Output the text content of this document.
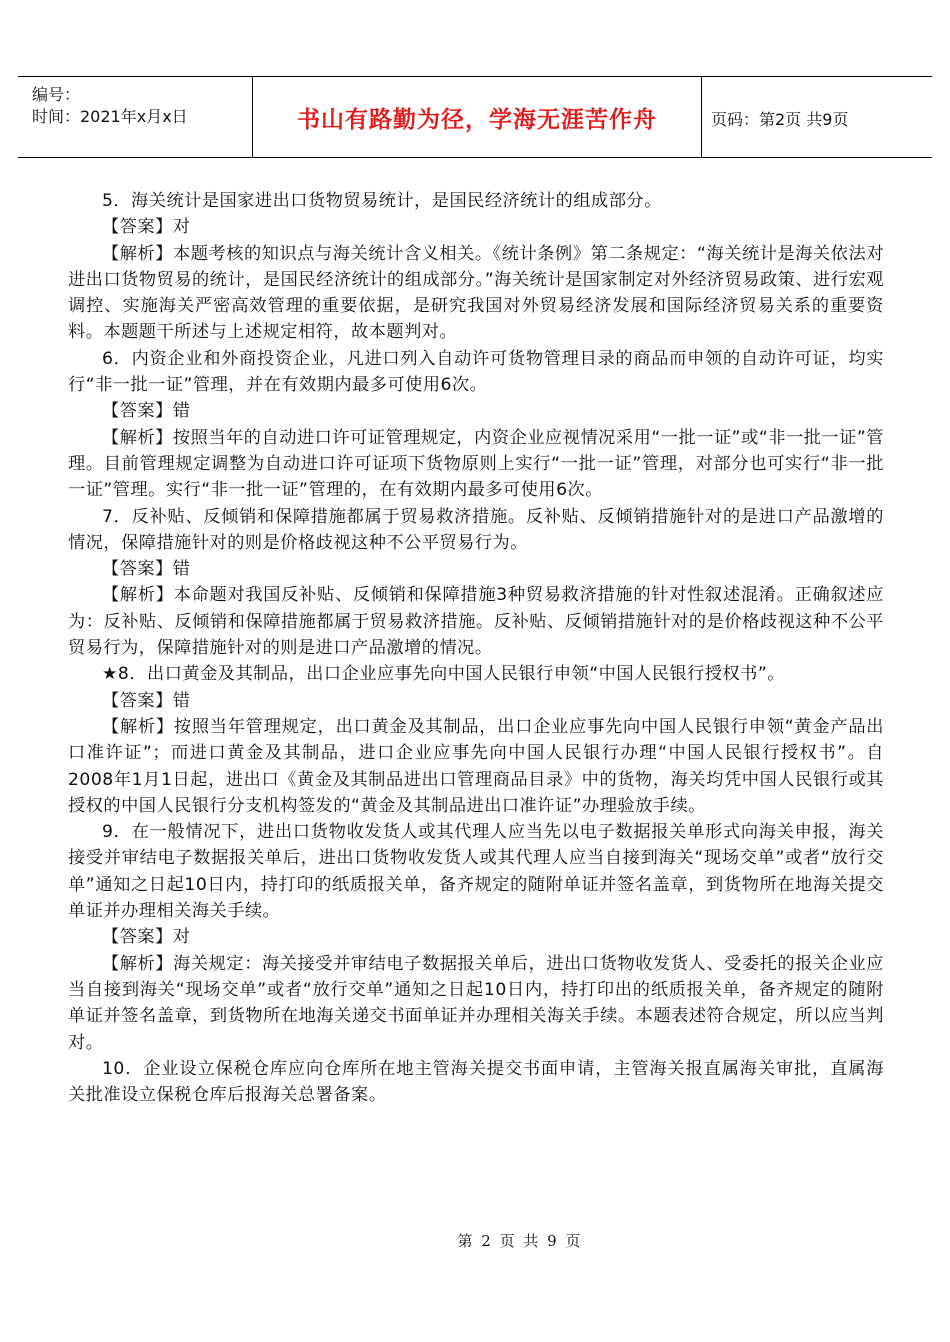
编号：
时间：2021年x月x日	书山有路勤为径，学海无涯苦作舟	页码：第2页 共9页

5．海关统计是国家进出口货物贸易统计，是国民经济统计的组成部分。

【答案】对

【解析】本题考核的知识点与海关统计含义相关。《统计条例》第二条规定：“海关统计是海关依法对进出口货物贸易的统计，是国民经济统计的组成部分。”海关统计是国家制定对外经济贸易政策、进行宏观调控、实施海关严密高效管理的重要依据，是研究我国对外贸易经济发展和国际经济贸易关系的重要资料。本题题干所述与上述规定相符，故本题判对。

6．内资企业和外商投资企业，凡进口列入自动许可货物管理目录的商品而申领的自动许可证，均实行“非一批一证”管理，并在有效期内最多可使用6次。

【答案】错

【解析】按照当年的自动进口许可证管理规定，内资企业应视情况采用“一批一证”或“非一批一证”管理。目前管理规定调整为自动进口许可证项下货物原则上实行“一批一证”管理，对部分也可实行“非一批一证”管理。实行“非一批一证”管理的，在有效期内最多可使用6次。

7．反补贴、反倾销和保障措施都属于贸易救济措施。反补贴、反倾销措施针对的是进口产品激增的情况，保障措施针对的则是价格歧视这种不公平贸易行为。

【答案】错

【解析】本命题对我国反补贴、反倾销和保障措施3种贸易救济措施的针对性叙述混淆。正确叙述应为：反补贴、反倾销和保障措施都属于贸易救济措施。反补贴、反倾销措施针对的是价格歧视这种不公平贸易行为，保障措施针对的则是进口产品激增的情况。

★8．出口黄金及其制品，出口企业应事先向中国人民银行申领“中国人民银行授权书”。

【答案】错

【解析】按照当年管理规定，出口黄金及其制品，出口企业应事先向中国人民银行申领“黄金产品出口准许证”；而进口黄金及其制品，进口企业应事先向中国人民银行办理“中国人民银行授权书”。自2008年1月1日起，进出口《黄金及其制品进出口管理商品目录》中的货物，海关均凭中国人民银行或其授权的中国人民银行分支机构签发的“黄金及其制品进出口准许证”办理验放手续。

9．在一般情况下，进出口货物收发货人或其代理人应当先以电子数据报关单形式向海关申报，海关接受并审结电子数据报关单后，进出口货物收发货人或其代理人应当自接到海关“现场交单”或者“放行交单”通知之日起10日内，持打印的纸质报关单，备齐规定的随附单证并签名盖章，到货物所在地海关提交单证并办理相关海关手续。

【答案】对

【解析】海关规定：海关接受并审结电子数据报关单后，进出口货物收发货人、受委托的报关企业应当自接到海关“现场交单”或者“放行交单”通知之日起10日内，持打印出的纸质报关单，备齐规定的随附单证并签名盖章，到货物所在地海关递交书面单证并办理相关海关手续。本题表述符合规定，所以应当判对。

10．企业设立保税仓库应向仓库所在地主管海关提交书面申请，主管海关报直属海关审批，直属海关批准设立保税仓库后报海关总署备案。

第 2 页 共 9 页
